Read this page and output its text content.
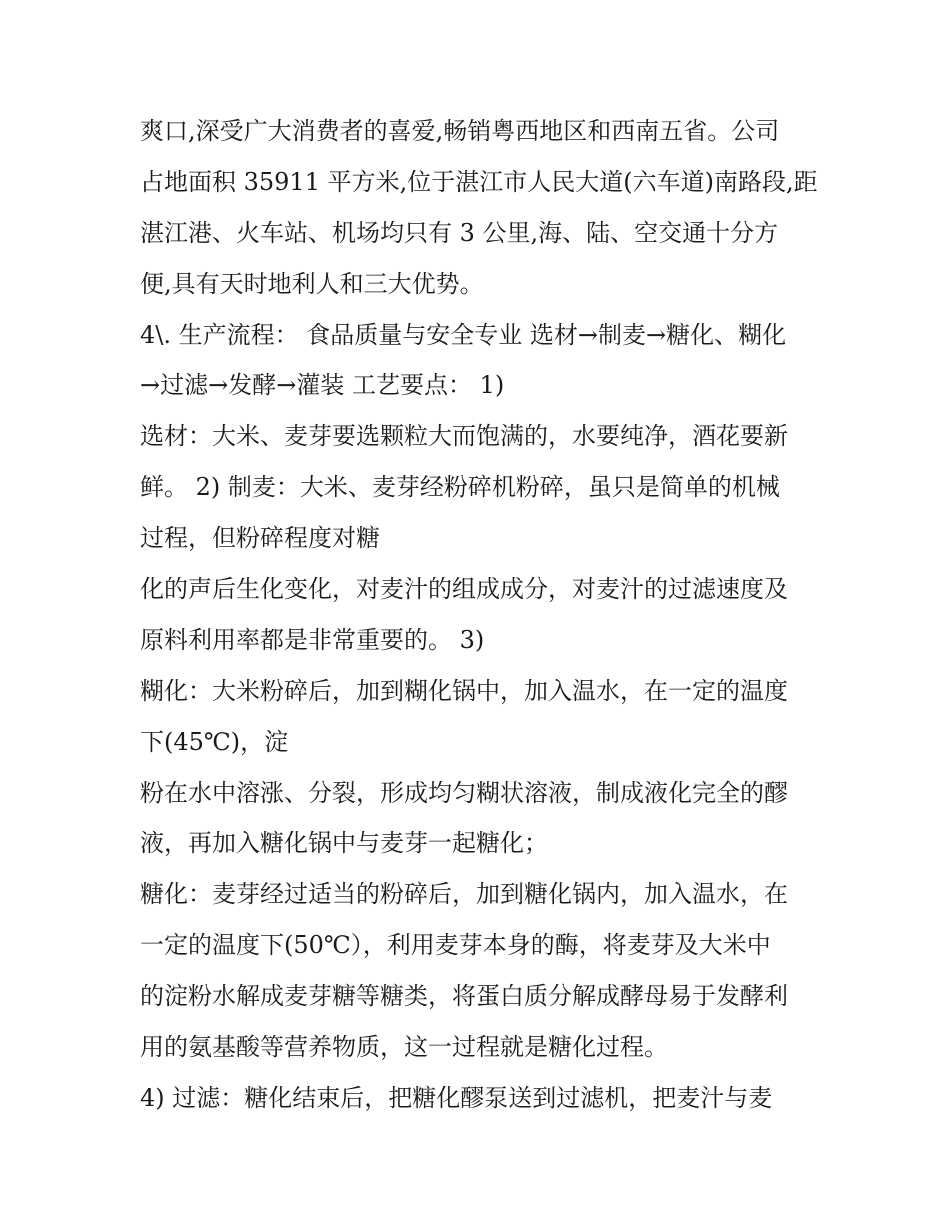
爽口,深受广大消费者的喜爱,畅销粤西地区和西南五省。公司
占地面积 35911 平方米,位于湛江市人民大道(六车道)南路段,距
湛江港、火车站、机场均只有 3 公里,海、陆、空交通十分方
便,具有天时地利人和三大优势。
4\. 生产流程： 食品质量与安全专业 选材→制麦→糖化、糊化
→过滤→发酵→灌装 工艺要点： 1)
选材：大米、麦芽要选颗粒大而饱满的，水要纯净，酒花要新
鲜。 2) 制麦：大米、麦芽经粉碎机粉碎，虽只是简单的机械
过程，但粉碎程度对糖
化的声后生化变化，对麦汁的组成成分，对麦汁的过滤速度及
原料利用率都是非常重要的。 3)
糊化：大米粉碎后，加到糊化锅中，加入温水，在一定的温度
下(45℃)，淀
粉在水中溶涨、分裂，形成均匀糊状溶液，制成液化完全的醪
液，再加入糖化锅中与麦芽一起糖化；
糖化：麦芽经过适当的粉碎后，加到糖化锅内，加入温水，在
一定的温度下(50℃），利用麦芽本身的酶，将麦芽及大米中
的淀粉水解成麦芽糖等糖类，将蛋白质分解成酵母易于发酵利
用的氨基酸等营养物质，这一过程就是糖化过程。
4) 过滤：糖化结束后，把糖化醪泵送到过滤机，把麦汁与麦
